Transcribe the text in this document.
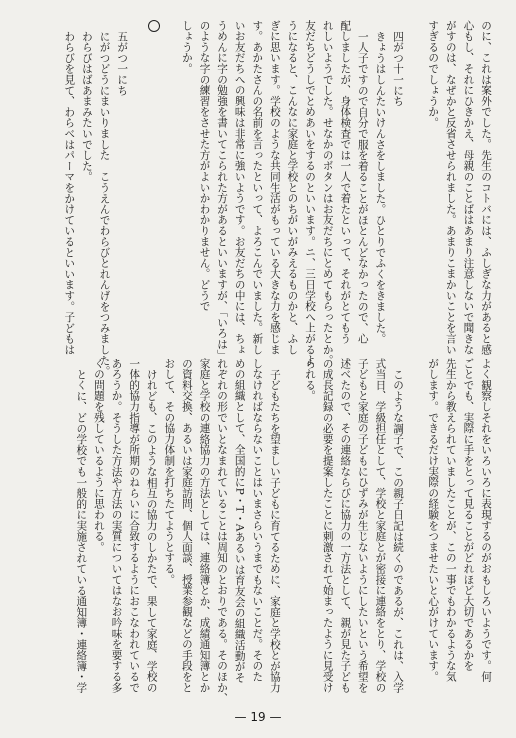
のに、これは案外でした。先生のコトバには、ふしぎな力があると感
心もし、それにひきかえ、母親のことばはあまり注意しないで聞きな
がすのは、なぜかと反省させられました。あまりこまかいことを言い
すぎるのでしょうか。

四がつ十一にち
きょうはしんたいけんさをしました。ひとりでふくをきました。
一人子ですので自分で服を着ることがほとんどなかったので、心
配しましたが、身体検査では一人で着たといって、それがとてもう
れしいようでした。せなかのボタンはお友だちにとめてもらったとか。
友だちどうしでとめあいをするのといいます。ニ、三日学校へ上がるよ
うになると、こんなに家庭と学校とのちがいがみえるものかと、ふし
ぎに思います。学校のような共同生活がもっている大きな力を感じま
す。あかたさんの名前を言ったといって、よろこんでいました。新し
いお友だちへの興味は非常に強いようです。お友だちの中には、ちょ
うめんに字の勉強を書いてこられた方があるといいますが、「いろは」
のような字の練習をさせた方がよいかわかりません。どうで
しょうか。

五がつ一にち
にがつどうにまいりました　こうえんでわらびとれんげをつみました。
わらびはばあまみたいでした。
わらびを見て、わらべはパーマをかけているといいます。子どもは
よく観察しそれをいろいろに表現するのがおもしろいようです。何
ごとでも、実際に手をとって見ることがどれほど大切であるかを
先生から教えられていましたことが、この一事でもわかるような気
がします。できるだけ実際の経験をつませたいと心がけています。

このような調子で、この親子日記は続くのであるが、これは、入学
式当日、学級担任として、学校と家庭とが密接に連絡をとり、学校の
子どもと家庭の子どもにひずみが生じないようにしたいという希望を
述べたので、その連絡ならびに協力の一方法として、親が見た子ども
の成長記録の必要を提案したことに刺激されて始まったように見受け
られる。

子どもたちを望ましい子どもに育てるために、家庭と学校とが協力
しなければならないことはいまさらいうまでもないことだ。そのた
めの組織として、全国的にP・T・Aあるいは育友会の組織活動がそ
れぞれの形でいとなまれていることは周知のとおりである。そのほか、
家庭と学校の連絡協力の方法としては、連絡簿とか、成績通知簿とか
の資料交換、あるいは家庭訪問、個人面談、授業参観などの手段をと
おして、その協力体制を打ちたてようとする。
けれども、このような相互の協力のしかたで、果して家庭、学校の
一体的協力指導が所期のねらいに合致するようにおこなわれているで
あろうか。そうした方法や方法の実質についてはなお吟味を要する多
くの問題を残しているように思われる。
とくに、どの学校でも一般的に実施されている通知簿・連絡簿・学
— 19 —
